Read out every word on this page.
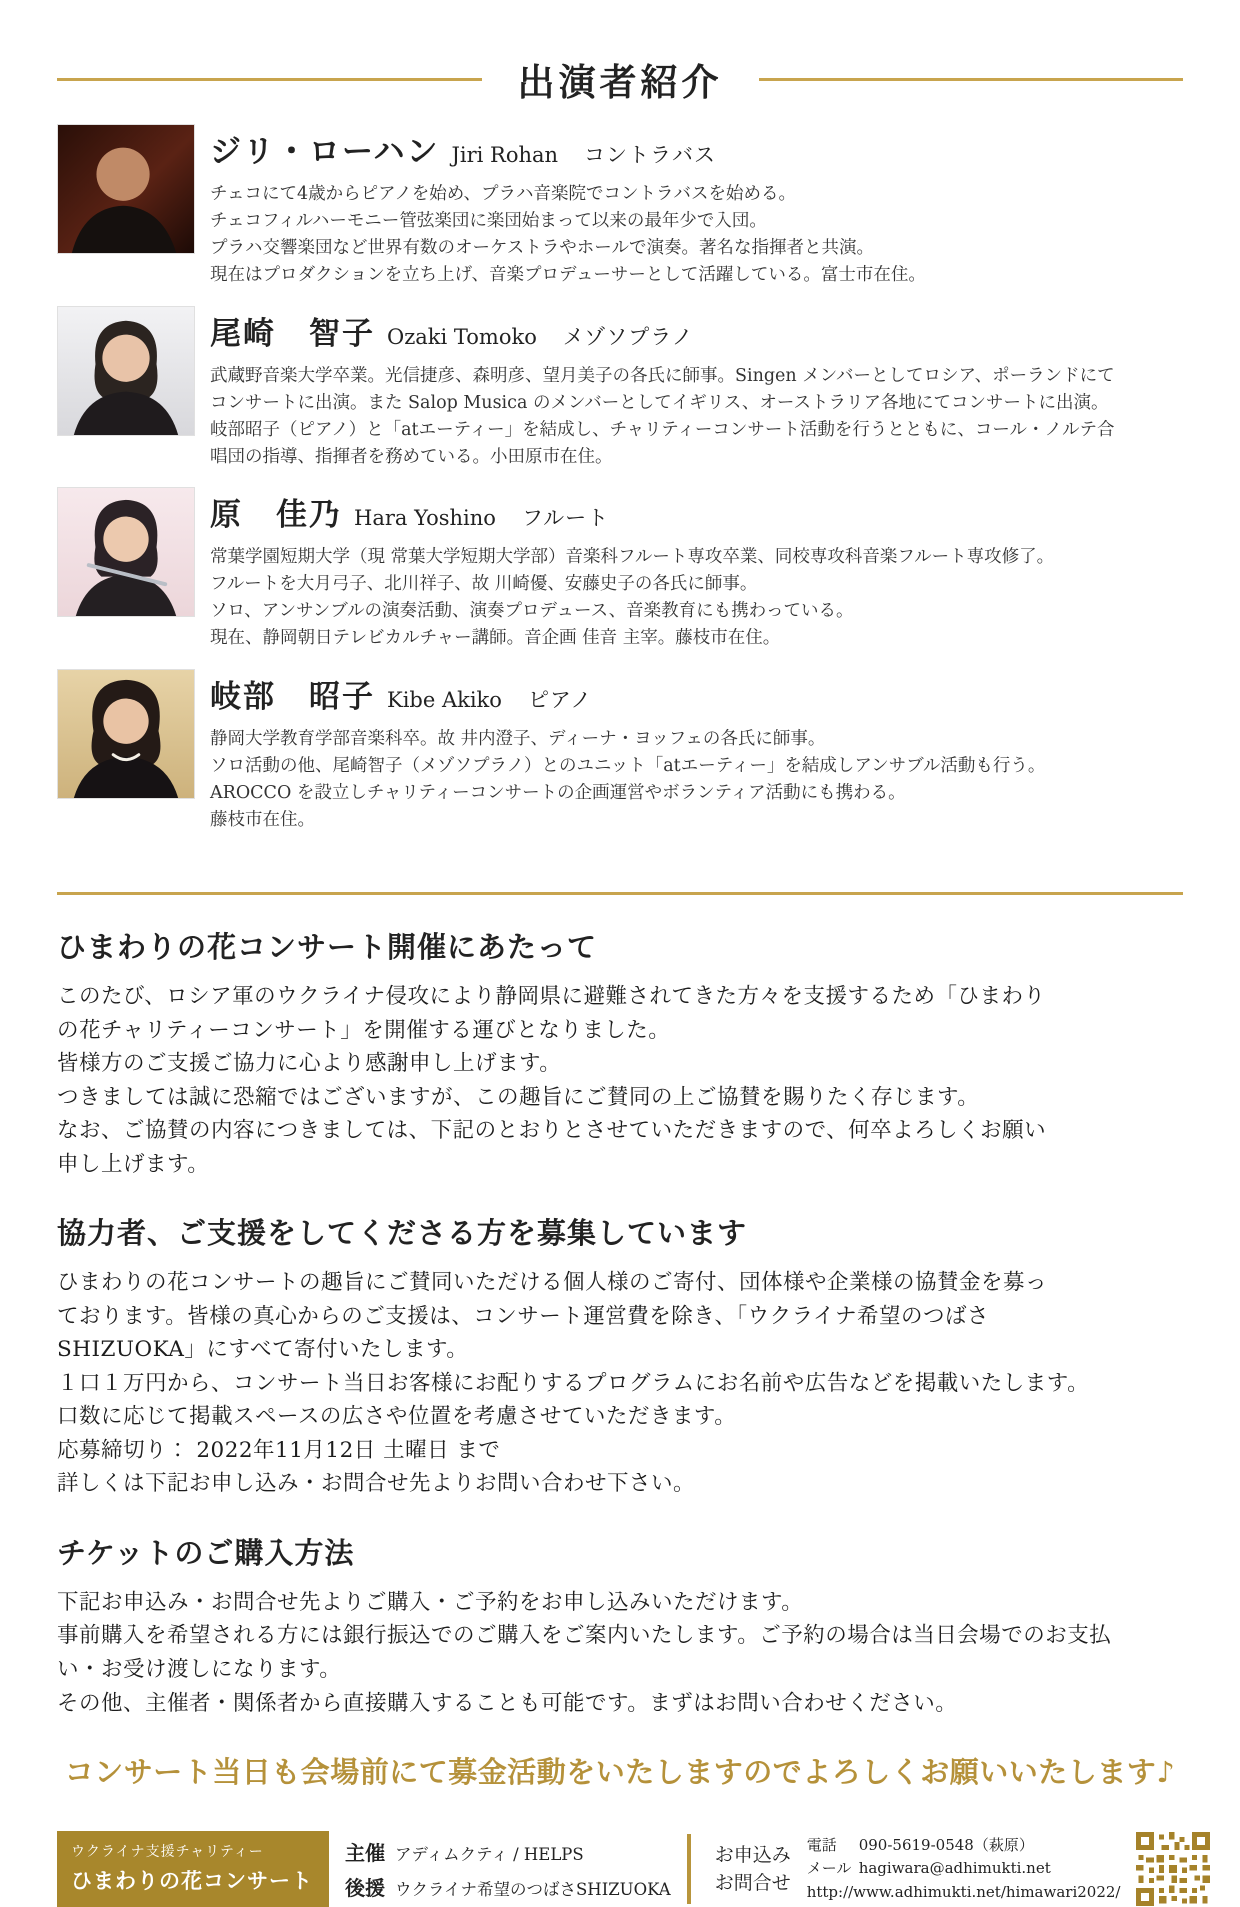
出演者紹介
ジリ・ローハン Jiri Rohan コントラバス

チェコにて4歳からピアノを始め、プラハ音楽院でコントラバスを始める。

チェコフィルハーモニー管弦楽団に楽団始まって以来の最年少で入団。

プラハ交響楽団など世界有数のオーケストラやホールで演奏。著名な指揮者と共演。

現在はプロダクションを立ち上げ、音楽プロデューサーとして活躍している。富士市在住。

尾崎　智子 Ozaki Tomoko メゾソプラノ

武蔵野音楽大学卒業。光信捷彦、森明彦、望月美子の各氏に師事。Singen メンバーとしてロシア、ポーランドにて

コンサートに出演。また Salop Musica のメンバーとしてイギリス、オーストラリア各地にてコンサートに出演。

岐部昭子（ピアノ）と「atエーティー」を結成し、チャリティーコンサート活動を行うとともに、コール・ノルテ合

唱団の指導、指揮者を務めている。小田原市在住。

原　佳乃 Hara Yoshino フルート

常葉学園短期大学（現 常葉大学短期大学部）音楽科フルート専攻卒業、同校専攻科音楽フルート専攻修了。

フルートを大月弓子、北川祥子、故 川崎優、安藤史子の各氏に師事。

ソロ、アンサンブルの演奏活動、演奏プロデュース、音楽教育にも携わっている。

現在、静岡朝日テレビカルチャー講師。音企画 佳音 主宰。藤枝市在住。

岐部　昭子 Kibe Akiko ピアノ

静岡大学教育学部音楽科卒。故 井内澄子、ディーナ・ヨッフェの各氏に師事。

ソロ活動の他、尾崎智子（メゾソプラノ）とのユニット「atエーティー」を結成しアンサブル活動も行う。

AROCCO を設立しチャリティーコンサートの企画運営やボランティア活動にも携わる。

藤枝市在住。

ひまわりの花コンサート開催にあたって

このたび、ロシア軍のウクライナ侵攻により静岡県に避難されてきた方々を支援するため「ひまわり

の花チャリティーコンサート」を開催する運びとなりました。

皆様方のご支援ご協力に心より感謝申し上げます。

つきましては誠に恐縮ではございますが、この趣旨にご賛同の上ご協賛を賜りたく存じます。

なお、ご協賛の内容につきましては、下記のとおりとさせていただきますので、何卒よろしくお願い

申し上げます。

協力者、ご支援をしてくださる方を募集しています

ひまわりの花コンサートの趣旨にご賛同いただける個人様のご寄付、団体様や企業様の協賛金を募っ

ております。皆様の真心からのご支援は、コンサート運営費を除き、「ウクライナ希望のつばさ

SHIZUOKA」にすべて寄付いたします。

１口１万円から、コンサート当日お客様にお配りするプログラムにお名前や広告などを掲載いたします。

口数に応じて掲載スペースの広さや位置を考慮させていただきます。

応募締切り： 2022年11月12日 土曜日 まで

詳しくは下記お申し込み・お問合せ先よりお問い合わせ下さい。

チケットのご購入方法

下記お申込み・お問合せ先よりご購入・ご予約をお申し込みいただけます。

事前購入を希望される方には銀行振込でのご購入をご案内いたします。ご予約の場合は当日会場でのお支払

い・お受け渡しになります。

その他、主催者・関係者から直接購入することも可能です。まずはお問い合わせください。

コンサート当日も会場前にて募金活動をいたしますのでよろしくお願いいたします♪

ウクライナ支援チャリティー

ひまわりの花コンサート

主催 アディムクティ / HELPS
後援 ウクライナ希望のつばさSHIZUOKA
お申込み
お問合せ
電話	090-5619-0548（萩原）
メール hagiwara@adhimukti.net
http://www.adhimukti.net/himawari2022/
